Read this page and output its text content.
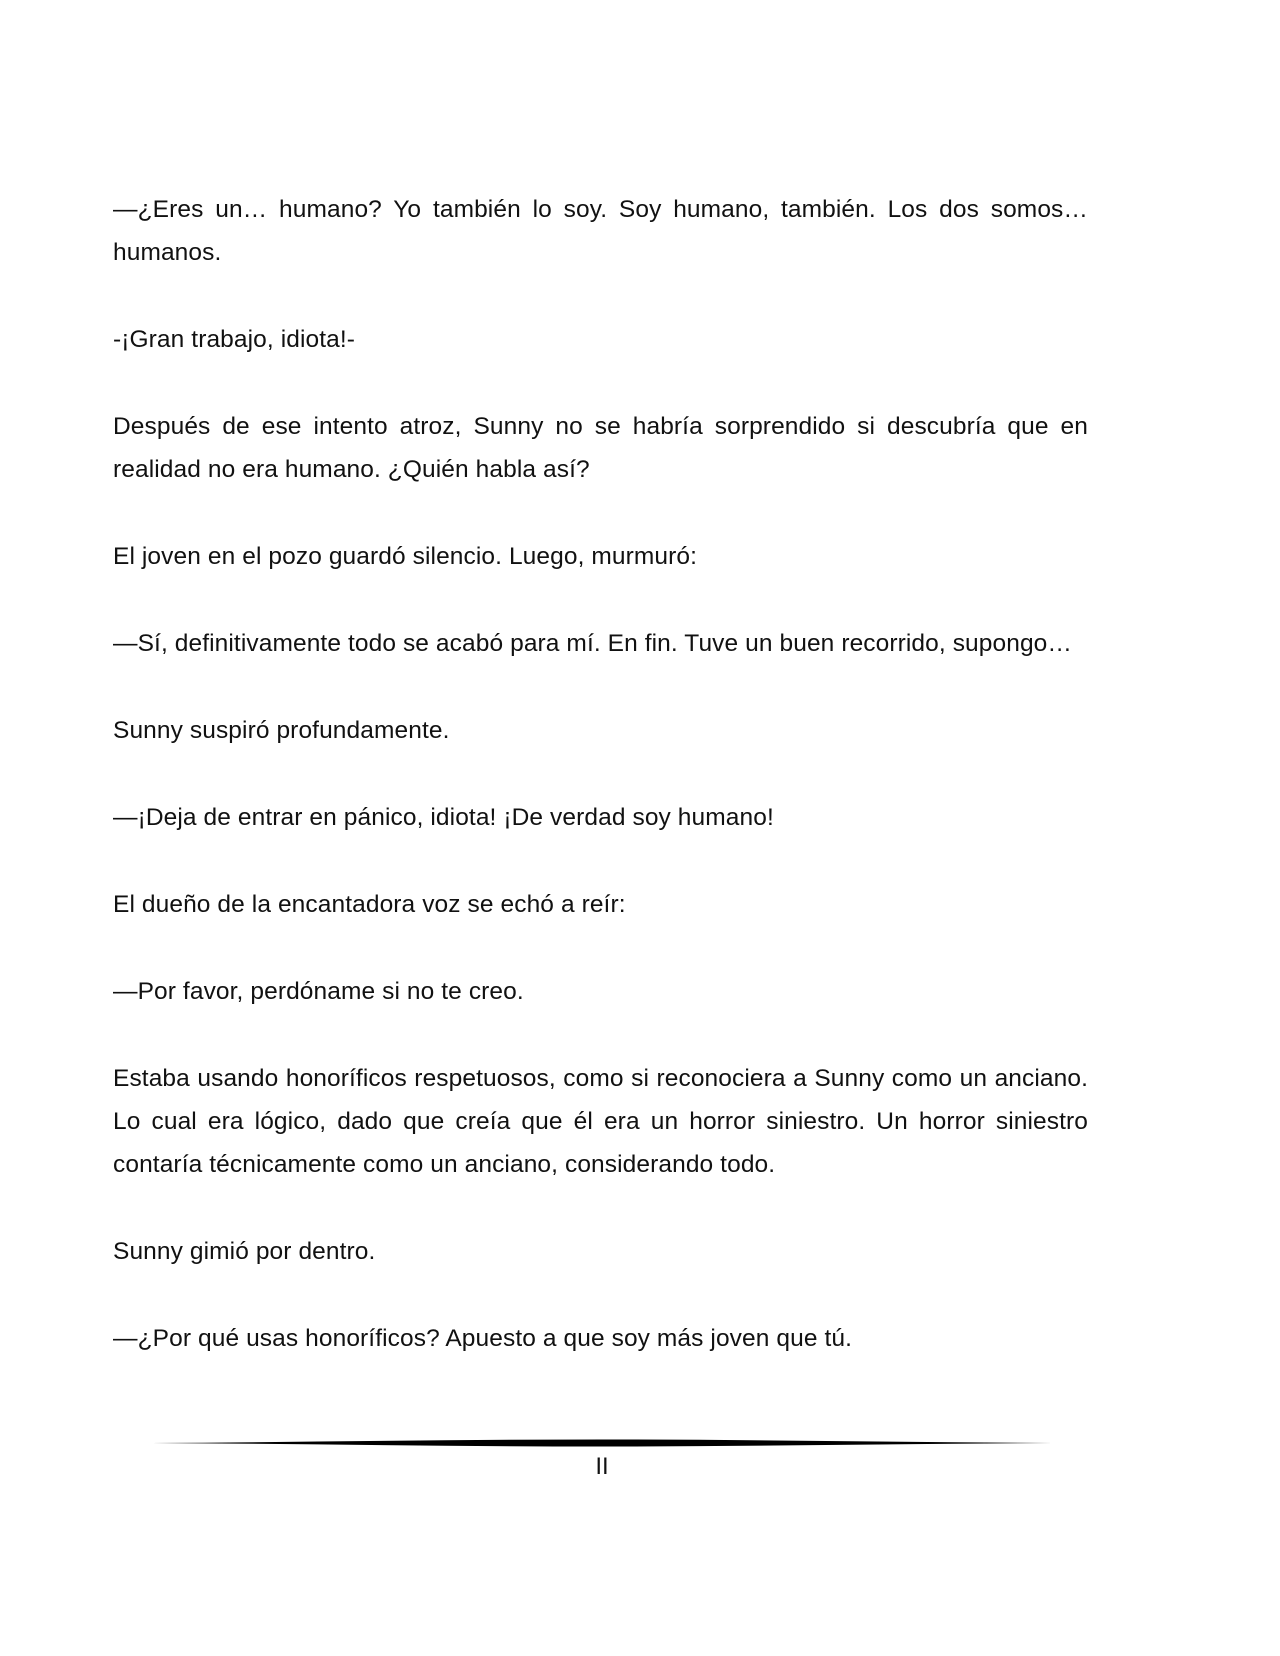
—¿Eres un… humano? Yo también lo soy. Soy humano, también. Los dos somos… humanos.

-¡Gran trabajo, idiota!-

Después de ese intento atroz, Sunny no se habría sorprendido si descubría que en realidad no era humano. ¿Quién habla así?

El joven en el pozo guardó silencio. Luego, murmuró:

—Sí, definitivamente todo se acabó para mí. En fin. Tuve un buen recorrido, supongo…

Sunny suspiró profundamente.

—¡Deja de entrar en pánico, idiota! ¡De verdad soy humano!

El dueño de la encantadora voz se echó a reír:

—Por favor, perdóname si no te creo.

Estaba usando honoríficos respetuosos, como si reconociera a Sunny como un anciano. Lo cual era lógico, dado que creía que él era un horror siniestro. Un horror siniestro contaría técnicamente como un anciano, considerando todo.

Sunny gimió por dentro.

—¿Por qué usas honoríficos? Apuesto a que soy más joven que tú.

II
